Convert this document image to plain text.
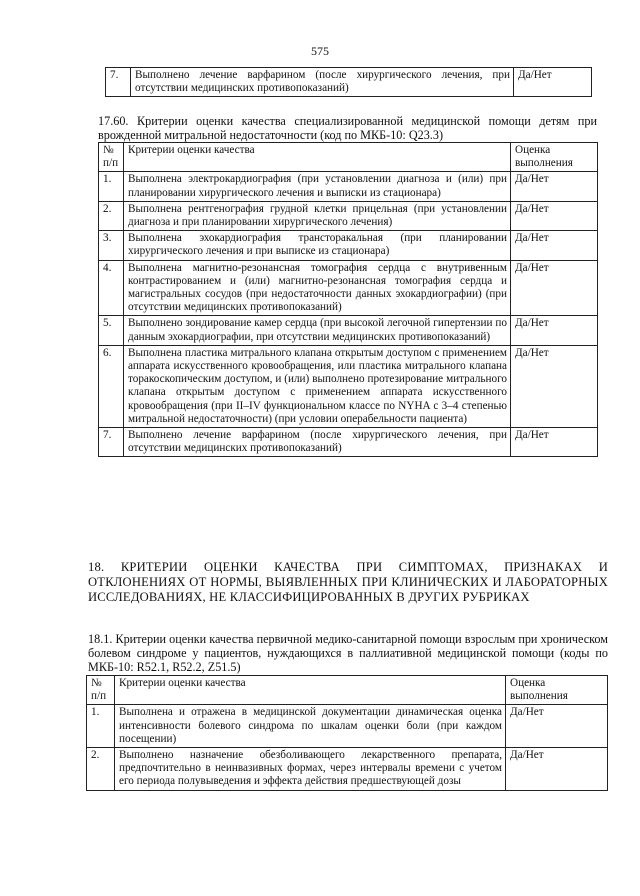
575
7.	Выполнено лечение варфарином (после хирургического лечения, при отсутствии медицинских противопоказаний)	Да/Нет

17.60. Критерии оценки качества специализированной медицинской помощи детям при врожденной митральной недостаточности (код по МКБ-10: Q23.3)

№ п/п	Критерии оценки качества	Оценка выполнения
1.	Выполнена электрокардиография (при установлении диагноза и (или) при планировании хирургического лечения и выписки из стационара)	Да/Нет
2.	Выполнена рентгенография грудной клетки прицельная (при установлении диагноза и при планировании хирургического лечения)	Да/Нет
3.	Выполнена эхокардиография трансторакальная (при планировании хирургического лечения и при выписке из стационара)	Да/Нет
4.	Выполнена магнитно-резонансная томография сердца с внутривенным контрастированием и (или) магнитно-резонансная томография сердца и магистральных сосудов (при недостаточности данных эхокардиографии) (при отсутствии медицинских противопоказаний)	Да/Нет
5.	Выполнено зондирование камер сердца (при высокой легочной гипертензии по данным эхокардиографии, при отсутствии медицинских противопоказаний)	Да/Нет
6.	Выполнена пластика митрального клапана открытым доступом с применением аппарата искусственного кровообращения, или пластика митрального клапана торакоскопическим доступом, и (или) выполнено протезирование митрального клапана открытым доступом с применением аппарата искусственного кровообращения (при II–IV функциональном классе по NYHA с 3–4 степенью митральной недостаточности) (при условии операбельности пациента)	Да/Нет
7.	Выполнено лечение варфарином (после хирургического лечения, при отсутствии медицинских противопоказаний)	Да/Нет

18. КРИТЕРИИ ОЦЕНКИ КАЧЕСТВА ПРИ СИМПТОМАХ, ПРИЗНАКАХ И ОТКЛОНЕНИЯХ ОТ НОРМЫ, ВЫЯВЛЕННЫХ ПРИ КЛИНИЧЕСКИХ И ЛАБОРАТОРНЫХ ИССЛЕДОВАНИЯХ, НЕ КЛАССИФИЦИРОВАННЫХ В ДРУГИХ РУБРИКАХ

18.1. Критерии оценки качества первичной медико-санитарной помощи взрослым при хроническом болевом синдроме у пациентов, нуждающихся в паллиативной медицинской помощи (коды по МКБ-10: R52.1, R52.2, Z51.5)

№ п/п	Критерии оценки качества	Оценка выполнения
1.	Выполнена и отражена в медицинской документации динамическая оценка интенсивности болевого синдрома по шкалам оценки боли (при каждом посещении)	Да/Нет
2.	Выполнено назначение обезболивающего лекарственного препарата, предпочтительно в неинвазивных формах, через интервалы времени с учетом его периода полувыведения и эффекта действия предшествующей дозы	Да/Нет
